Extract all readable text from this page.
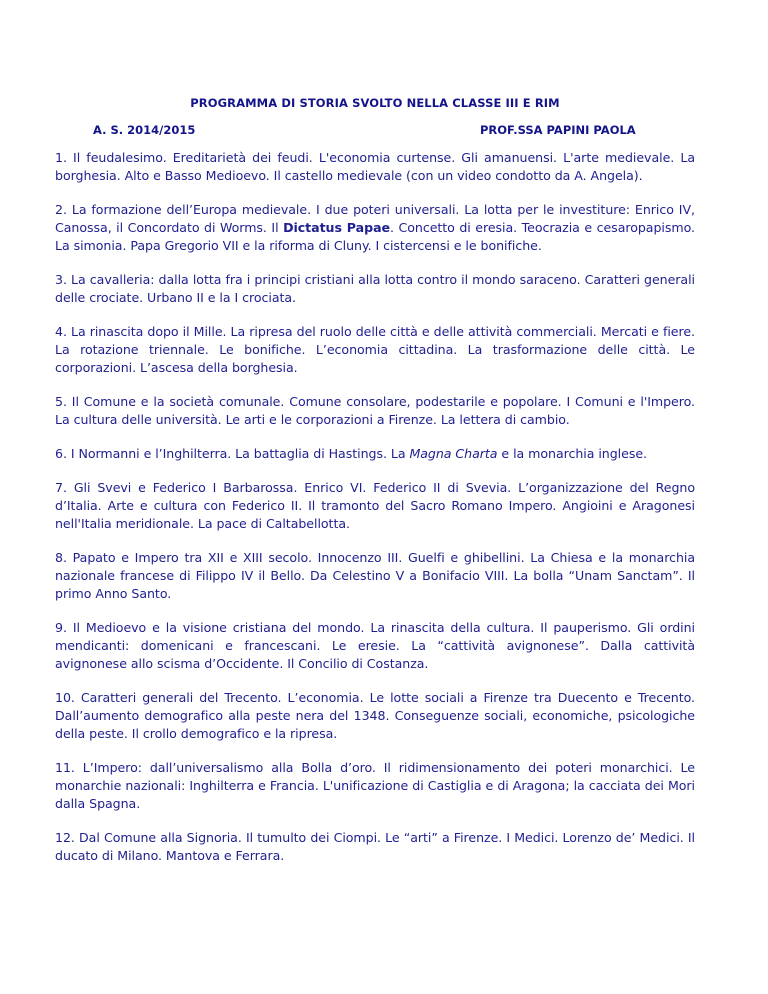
PROGRAMMA DI STORIA SVOLTO NELLA CLASSE III E RIM

A. S. 2014/2015	PROF.SSA PAPINI PAOLA

1. Il feudalesimo. Ereditarietà dei feudi. L'economia curtense. Gli amanuensi. L'arte medievale. La borghesia. Alto e Basso Medioevo. Il castello medievale (con un video condotto da A. Angela).

2. La formazione dell’Europa medievale. I due poteri universali. La lotta per le investiture: Enrico IV, Canossa, il Concordato di Worms. Il Dictatus Papae. Concetto di eresia. Teocrazia e cesaropapismo. La simonia. Papa Gregorio VII e la riforma di Cluny. I cistercensi e le bonifiche.

3. La cavalleria: dalla lotta fra i principi cristiani alla lotta contro il mondo saraceno. Caratteri generali delle crociate. Urbano II e la I crociata.

4. La rinascita dopo il Mille. La ripresa del ruolo delle città e delle attività commerciali. Mercati e fiere. La rotazione triennale. Le bonifiche. L’economia cittadina. La trasformazione delle città. Le corporazioni. L’ascesa della borghesia.

5. Il Comune e la società comunale. Comune consolare, podestarile e popolare. I Comuni e l'Impero. La cultura delle università. Le arti e le corporazioni a Firenze. La lettera di cambio.

6. I Normanni e l’Inghilterra. La battaglia di Hastings. La Magna Charta e la monarchia inglese.

7. Gli Svevi e Federico I Barbarossa. Enrico VI. Federico II di Svevia. L’organizzazione del Regno d’Italia. Arte e cultura con Federico II. Il tramonto del Sacro Romano Impero. Angioini e Aragonesi nell'Italia meridionale. La pace di Caltabellotta.

8. Papato e Impero tra XII e XIII secolo. Innocenzo III. Guelfi e ghibellini. La Chiesa e la monarchia nazionale francese di Filippo IV il Bello. Da Celestino V a Bonifacio VIII. La bolla “Unam Sanctam”. Il primo Anno Santo.

9. Il Medioevo e la visione cristiana del mondo. La rinascita della cultura. Il pauperismo. Gli ordini mendicanti: domenicani e francescani. Le eresie. La “cattività avignonese”. Dalla cattività avignonese allo scisma d’Occidente. Il Concilio di Costanza.

10. Caratteri generali del Trecento. L’economia. Le lotte sociali a Firenze tra Duecento e Trecento. Dall’aumento demografico alla peste nera del 1348. Conseguenze sociali, economiche, psicologiche della peste. Il crollo demografico e la ripresa.

11. L’Impero: dall’universalismo alla Bolla d’oro. Il ridimensionamento dei poteri monarchici. Le monarchie nazionali: Inghilterra e Francia. L'unificazione di Castiglia e di Aragona; la cacciata dei Mori dalla Spagna.

12. Dal Comune alla Signoria. Il tumulto dei Ciompi. Le “arti” a Firenze. I Medici. Lorenzo de’ Medici. Il ducato di Milano. Mantova e Ferrara.
